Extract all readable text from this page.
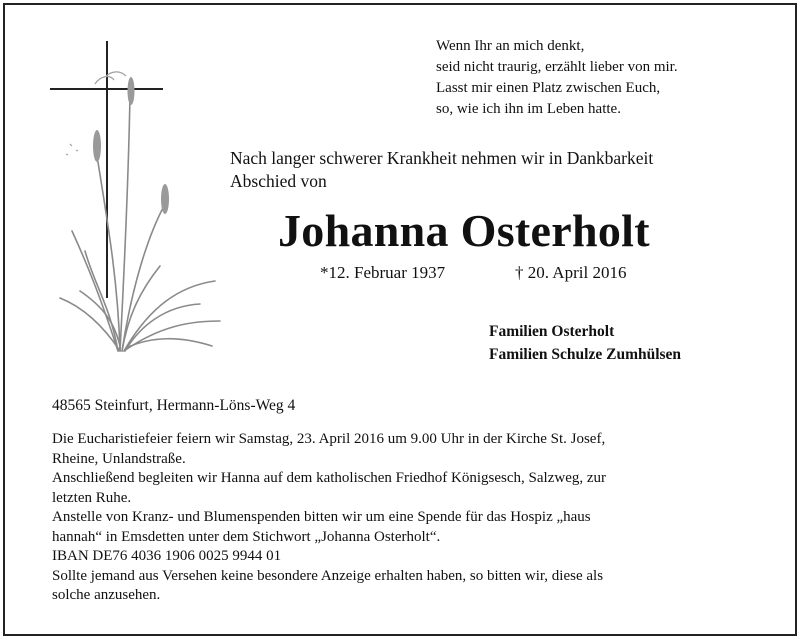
Wenn Ihr an mich denkt,
seid nicht traurig, erzählt lieber von mir.
Lasst mir einen Platz zwischen Euch,
so, wie ich ihn im Leben hatte.
Nach langer schwerer Krankheit nehmen wir in Dankbarkeit
Abschied von
Johanna Osterholt
*12. Februar 1937	† 20. April 2016
Familien Osterholt
Familien Schulze Zumhülsen
48565 Steinfurt, Hermann-Löns-Weg 4
Die Eucharistiefeier feiern wir Samstag, 23. April 2016 um 9.00 Uhr in der Kirche St. Josef,
Rheine, Unlandstraße.
Anschließend begleiten wir Hanna auf dem katholischen Friedhof Königsesch, Salzweg, zur
letzten Ruhe.
Anstelle von Kranz- und Blumenspenden bitten wir um eine Spende für das Hospiz „haus
hannah“ in Emsdetten unter dem Stichwort „Johanna Osterholt“.
IBAN DE76 4036 1906 0025 9944 01
Sollte jemand aus Versehen keine besondere Anzeige erhalten haben, so bitten wir, diese als
solche anzusehen.
